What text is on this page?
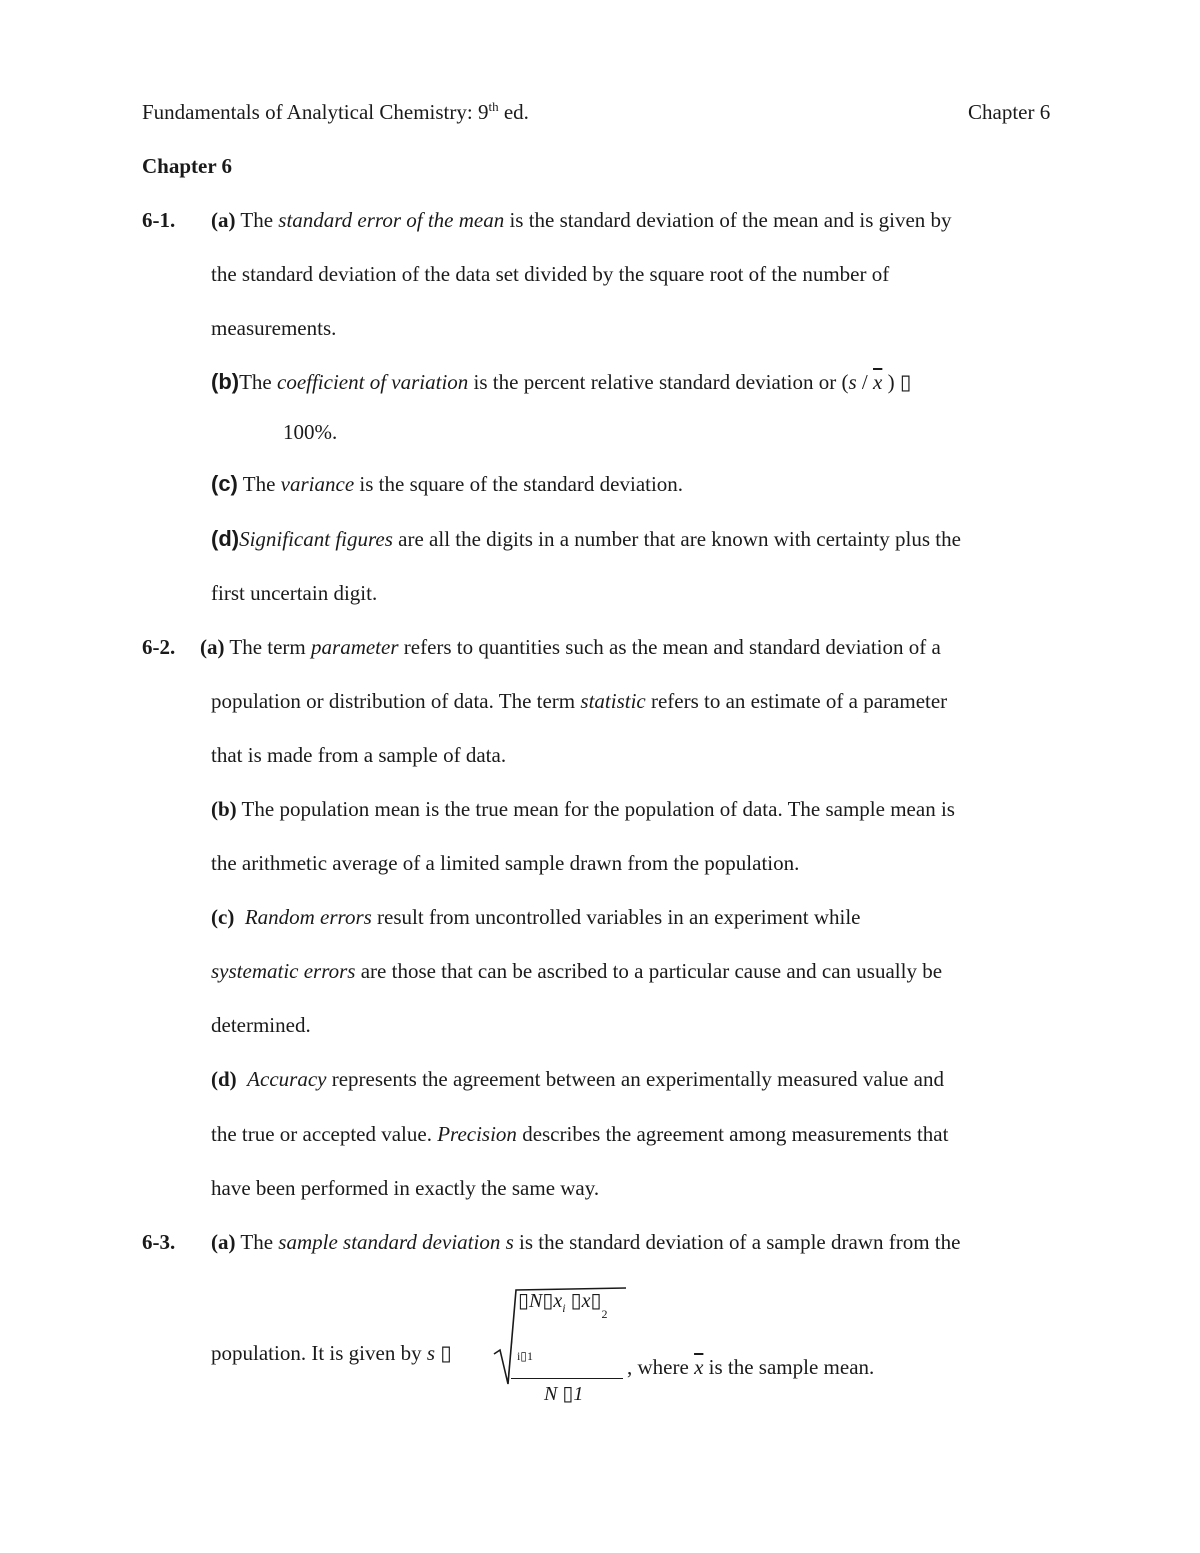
Fundamentals of Analytical Chemistry: 9th ed.	Chapter 6
Chapter 6
6-1. (a) The standard error of the mean is the standard deviation of the mean and is given by
the standard deviation of the data set divided by the square root of the number of
measurements.
(b)The coefficient of variation is the percent relative standard deviation or ($s / \overline{x}$ ) ▯
100%.
(c) The variance is the square of the standard deviation.
(d)Significant figures are all the digits in a number that are known with certainty plus the
first uncertain digit.
6-2. (a) The term parameter refers to quantities such as the mean and standard deviation of a
population or distribution of data. The term statistic refers to an estimate of a parameter
that is made from a sample of data.
(b) The population mean is the true mean for the population of data. The sample mean is
the arithmetic average of a limited sample drawn from the population.
(c) Random errors result from uncontrolled variables in an experiment while
systematic errors are those that can be ascribed to a particular cause and can usually be
determined.
(d) Accuracy represents the agreement between an experimentally measured value and
the true or accepted value. Precision describes the agreement among measurements that
have been performed in exactly the same way.
6-3. (a) The sample standard deviation s is the standard deviation of a sample drawn from the
population. It is given by s ▯
$▯N▯x_i$ $▯x▯_2$
i▯1
N ▯1
, where $\overline{x}$ is the sample mean.
